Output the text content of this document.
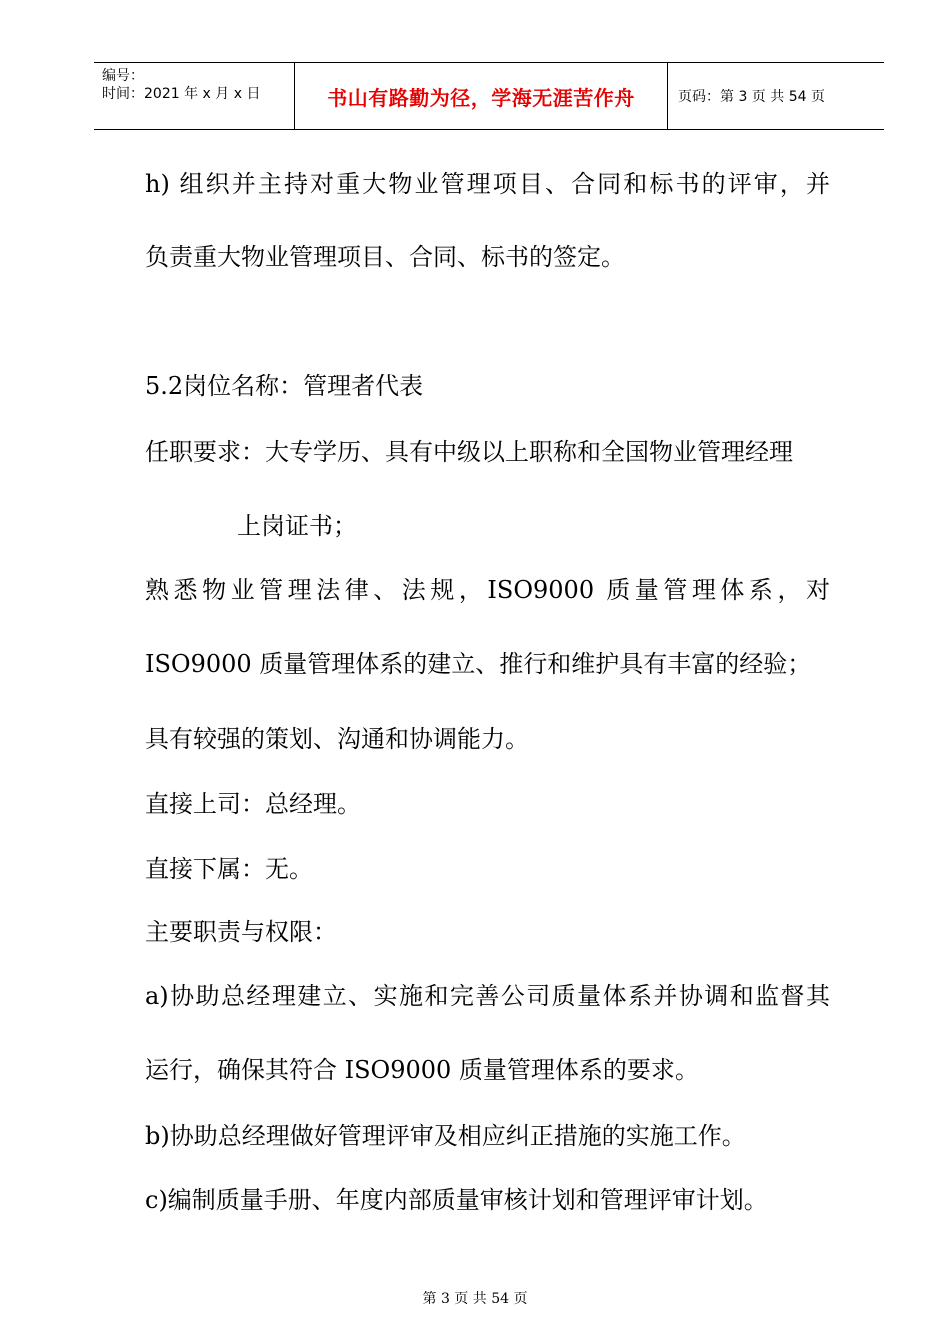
编号：
时间：2021 年 x 月 x 日	书山有路勤为径，学海无涯苦作舟	页码：第 3 页 共 54 页
h) 组织并主持对重大物业管理项目、合同和标书的评审，并
负责重大物业管理项目、合同、标书的签定。
5.2岗位名称：管理者代表
任职要求：大专学历、具有中级以上职称和全国物业管理经理
上岗证书；
熟悉物业管理法律、法规，ISO9000 质量管理体系，对
ISO9000 质量管理体系的建立、推行和维护具有丰富的经验；
具有较强的策划、沟通和协调能力。
直接上司：总经理。
直接下属：无。
主要职责与权限：
a)协助总经理建立、实施和完善公司质量体系并协调和监督其
运行，确保其符合 ISO9000 质量管理体系的要求。
b)协助总经理做好管理评审及相应纠正措施的实施工作。
c)编制质量手册、年度内部质量审核计划和管理评审计划。
第 3 页 共 54 页
